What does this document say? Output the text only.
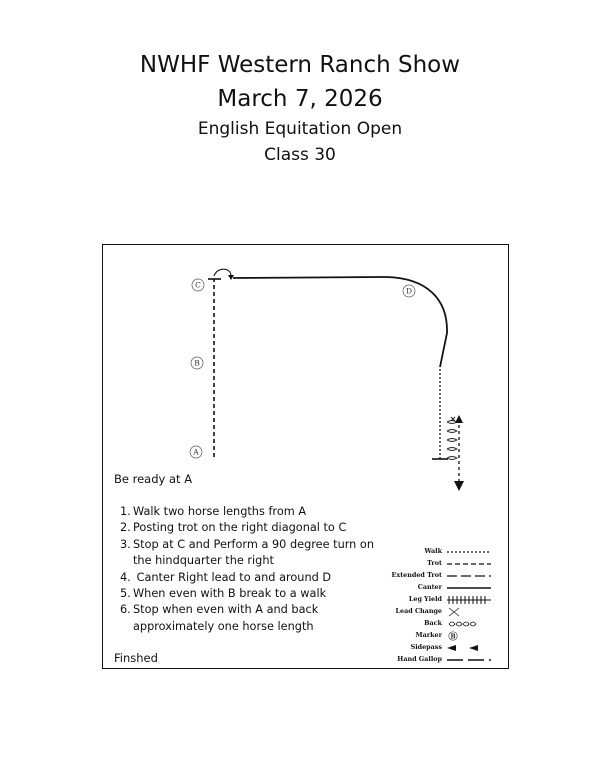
NWHF Western Ranch Show
March 7, 2026
English Equitation Open
Class 30
C
B
A
D
Be ready at A
1. Walk two horse lengths from A
2. Posting trot on the right diagonal to C
3. Stop at C and Perform a 90 degree turn on
the hindquarter the right
4. Canter Right lead to and around D
5. When even with B break to a walk
6. Stop when even with A and back
approximately one horse length
Finshed
Walk
Trot
Extended Trot
Canter
Leg Yield
Lead Change
Back
Marker B
Sidepass
Hand Gallop
